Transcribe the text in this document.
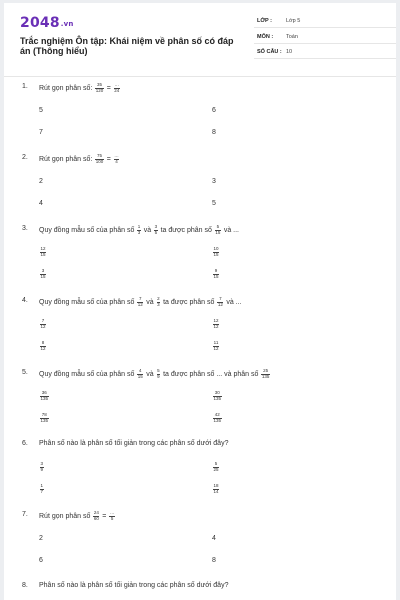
2048.vn
Trắc nghiệm Ôn tập: Khái niệm về phân số có đáp án (Thông hiểu)
LỚP :	Lớp 5
MÔN : Toán
SỐ CÂU : 10
1. Rút gọn phân số: $\frac{35}{120}$ =
…
24
5	6
7	8
2. Rút gọn phân số: $\frac{75}{100}$ =
…
4
2	3
4	5
3. Quy đồng mẫu số của phân số $\frac{1}{3}$ và $\frac{3}{5}$ ta được phân số $\frac{5}{15}$ và ...
$\frac{12}{15}$	$\frac{10}{15}$
$\frac{3}{15}$	$\frac{9}{15}$
4. Quy đồng mẫu số của phân số $\frac{7}{12}$ và $\frac{2}{3}$ ta được phân số $\frac{7}{12}$ và ...
$\frac{7}{12}$	$\frac{12}{12}$
$\frac{8}{12}$	$\frac{11}{12}$
5. Quy đồng mẫu số của phân số $\frac{4}{15}$ và $\frac{5}{9}$ ta được phân số ... và phân số $\frac{25}{135}$
$\frac{36}{135}$	$\frac{30}{135}$
$\frac{78}{135}$	$\frac{42}{135}$
6. Phân số nào là phân số tối giản trong các phân số dưới đây?
$\frac{3}{9}$	$\frac{5}{25}$
$\frac{1}{7}$	$\frac{18}{14}$
7. Rút gọn phân số $\frac{24}{60}$ =
…
5
2	4
6	8
8. Phân số nào là phân số tối giản trong các phân số dưới đây?
